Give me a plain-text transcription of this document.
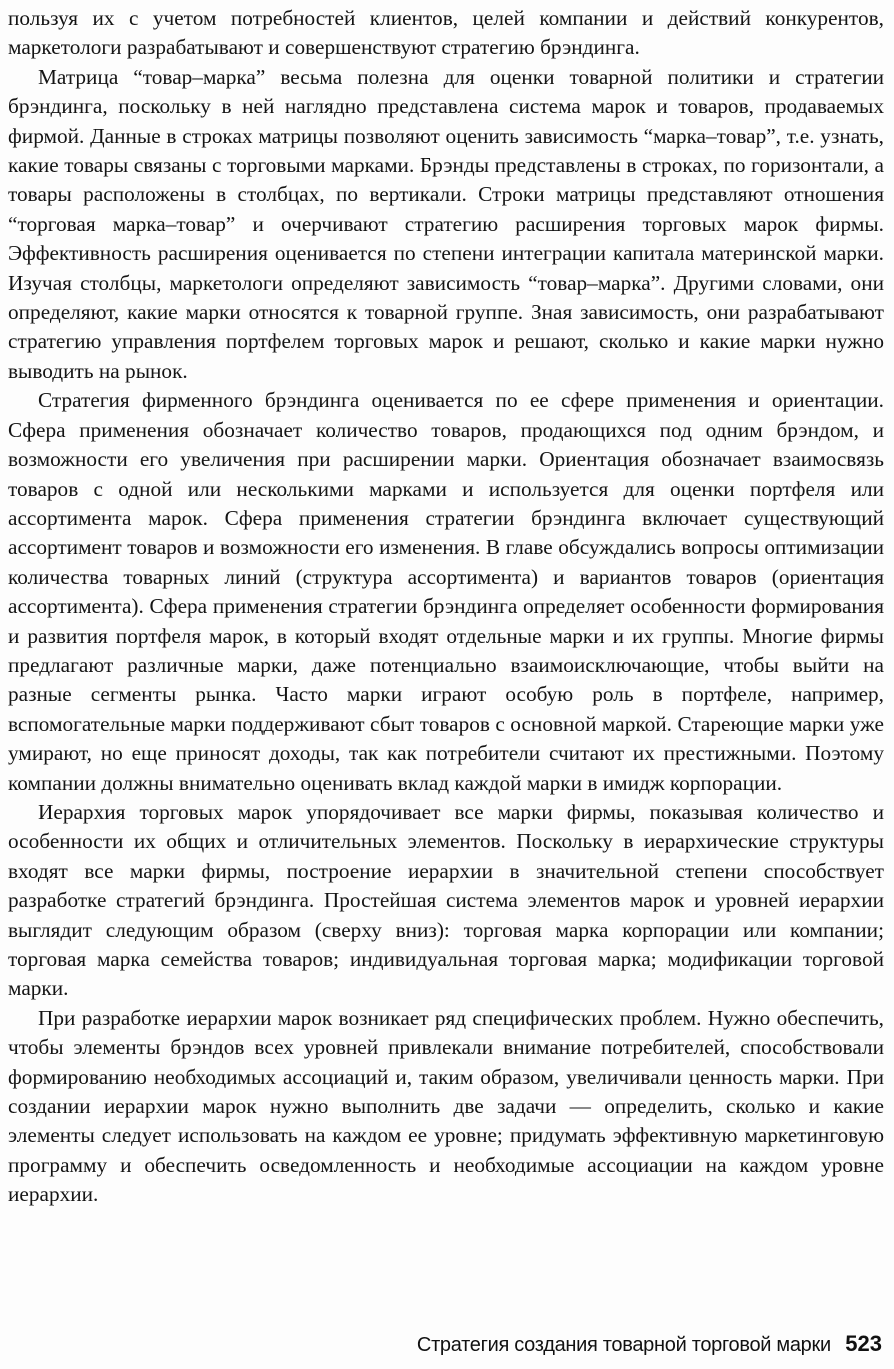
пользуя их с учетом потребностей клиентов, целей компании и действий конкурентов, маркетологи разрабатывают и совершенствуют стратегию брэндинга.

Матрица “товар–марка” весьма полезна для оценки товарной политики и стратегии брэндинга, поскольку в ней наглядно представлена система марок и товаров, продаваемых фирмой. Данные в строках матрицы позволяют оценить зависимость “марка–товар”, т.е. узнать, какие товары связаны с торговыми марками. Брэнды представлены в строках, по горизонтали, а товары расположены в столбцах, по вертикали. Строки матрицы представляют отношения “торговая марка–товар” и очерчивают стратегию расширения торговых марок фирмы. Эффективность расширения оценивается по степени интеграции капитала материнской марки. Изучая столбцы, маркетологи определяют зависимость “товар–марка”. Другими словами, они определяют, какие марки относятся к товарной группе. Зная зависимость, они разрабатывают стратегию управления портфелем торговых марок и решают, сколько и какие марки нужно выводить на рынок.

Стратегия фирменного брэндинга оценивается по ее сфере применения и ориентации. Сфера применения обозначает количество товаров, продающихся под одним брэндом, и возможности его увеличения при расширении марки. Ориентация обозначает взаимосвязь товаров с одной или несколькими марками и используется для оценки портфеля или ассортимента марок. Сфера применения стратегии брэндинга включает существующий ассортимент товаров и возможности его изменения. В главе обсуждались вопросы оптимизации количества товарных линий (структура ассортимента) и вариантов товаров (ориентация ассортимента). Сфера применения стратегии брэндинга определяет особенности формирования и развития портфеля марок, в который входят отдельные марки и их группы. Многие фирмы предлагают различные марки, даже потенциально взаимоисключающие, чтобы выйти на разные сегменты рынка. Часто марки играют особую роль в портфеле, например, вспомогательные марки поддерживают сбыт товаров с основной маркой. Стареющие марки уже умирают, но еще приносят доходы, так как потребители считают их престижными. Поэтому компании должны внимательно оценивать вклад каждой марки в имидж корпорации.

Иерархия торговых марок упорядочивает все марки фирмы, показывая количество и особенности их общих и отличительных элементов. Поскольку в иерархические структуры входят все марки фирмы, построение иерархии в значительной степени способствует разработке стратегий брэндинга. Простейшая система элементов марок и уровней иерархии выглядит следующим образом (сверху вниз): торговая марка корпорации или компании; торговая марка семейства товаров; индивидуальная торговая марка; модификации торговой марки.

При разработке иерархии марок возникает ряд специфических проблем. Нужно обеспечить, чтобы элементы брэндов всех уровней привлекали внимание потребителей, способствовали формированию необходимых ассоциаций и, таким образом, увеличивали ценность марки. При создании иерархии марок нужно выполнить две задачи — определить, сколько и какие элементы следует использовать на каждом ее уровне; придумать эффективную маркетинговую программу и обеспечить осведомленность и необходимые ассоциации на каждом уровне иерархии.

Стратегия создания товарной торговой марки 523
